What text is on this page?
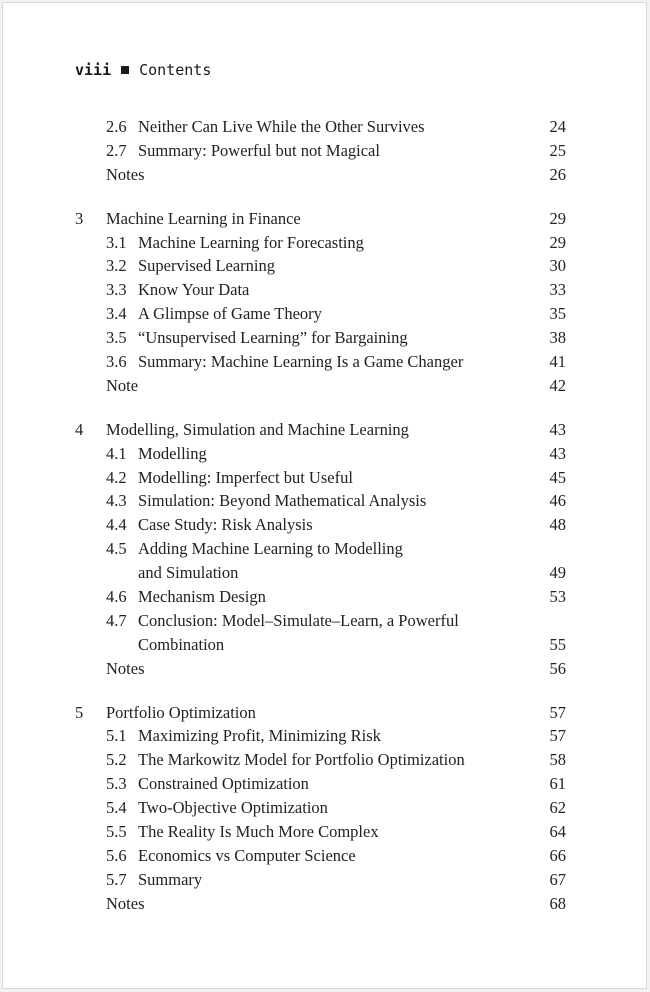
viii Contents
2.6 Neither Can Live While the Other Survives	24
2.7 Summary: Powerful but not Magical	25
Notes	26
3 Machine Learning in Finance	29
3.1 Machine Learning for Forecasting	29
3.2 Supervised Learning	30
3.3 Know Your Data	33
3.4 A Glimpse of Game Theory	35
3.5 “Unsupervised Learning” for Bargaining	38
3.6 Summary: Machine Learning Is a Game Changer	41
Note	42
4 Modelling, Simulation and Machine Learning	43
4.1 Modelling	43
4.2 Modelling: Imperfect but Useful	45
4.3 Simulation: Beyond Mathematical Analysis	46
4.4 Case Study: Risk Analysis	48
4.5 Adding Machine Learning to Modelling
and Simulation	49
4.6 Mechanism Design	53
4.7 Conclusion: Model–Simulate–Learn, a Powerful
Combination	55
Notes	56
5 Portfolio Optimization	57
5.1 Maximizing Profit, Minimizing Risk	57
5.2 The Markowitz Model for Portfolio Optimization	58
5.3 Constrained Optimization	61
5.4 Two-Objective Optimization	62
5.5 The Reality Is Much More Complex	64
5.6 Economics vs Computer Science	66
5.7 Summary	67
Notes	68
